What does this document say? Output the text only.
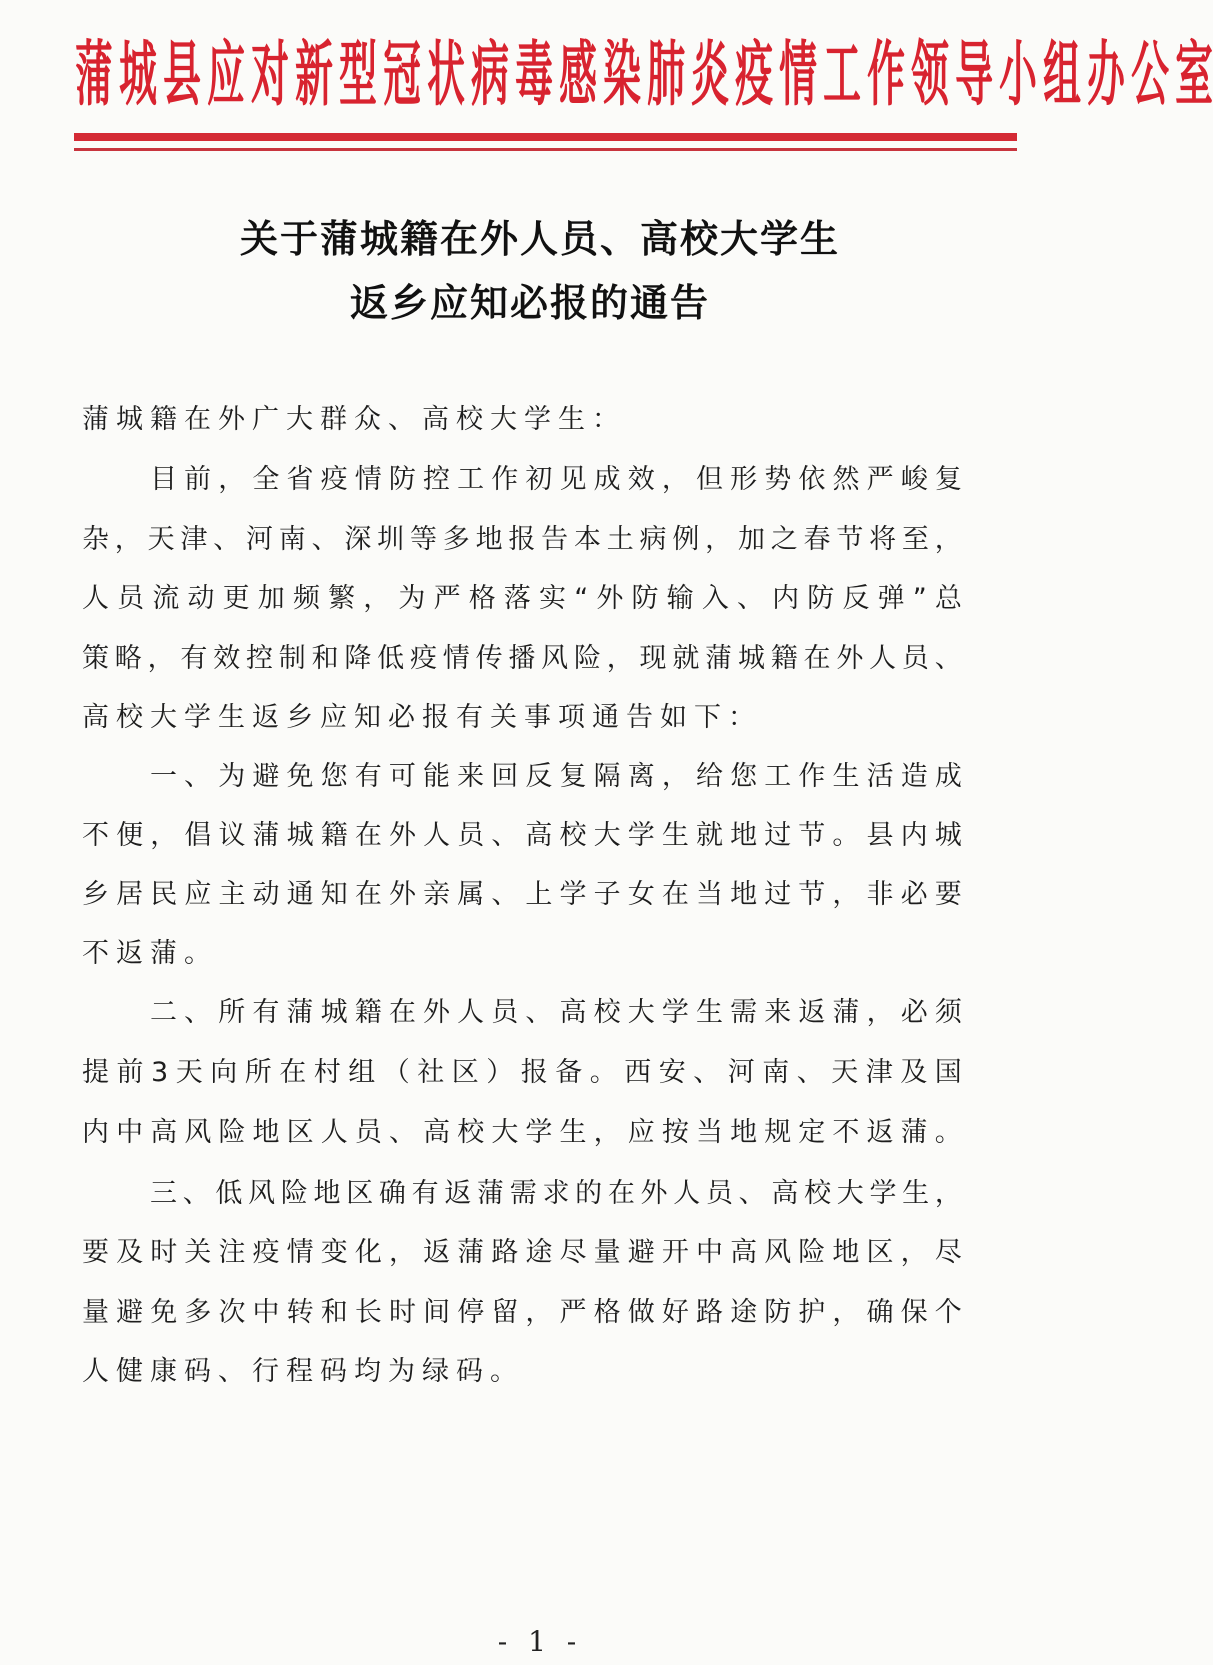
蒲 城 县 应 对 新 型 冠 状 病 毒 感 染 肺 炎 疫 情 工 作 领 导 小 组 办 公 室
关于蒲城籍在外人员、高校大学生
返乡应知必报的通告
蒲城籍在外广大群众、高校大学生：
目 前 ， 全 省 疫 情 防 控 工 作 初 见 成 效 ， 但 形 势 依 然 严 峻 复
杂 ， 天 津 、 河 南 、 深 圳 等 多 地 报 告 本 土 病 例 ， 加 之 春 节 将 至 ，
人 员 流 动 更 加 频 繁 ， 为 严 格 落 实 “ 外 防 输 入 、 内 防 反 弹 ” 总
策 略 ， 有 效 控 制 和 降 低 疫 情 传 播 风 险 ， 现 就 蒲 城 籍 在 外 人 员 、
高校大学生返乡应知必报有关事项通告如下：
一 、 为 避 免 您 有 可 能 来 回 反 复 隔 离 ， 给 您 工 作 生 活 造 成
不 便 ， 倡 议 蒲 城 籍 在 外 人 员 、 高 校 大 学 生 就 地 过 节 。 县 内 城
乡 居 民 应 主 动 通 知 在 外 亲 属 、 上 学 子 女 在 当 地 过 节 ， 非 必 要
不返蒲。
二 、 所 有 蒲 城 籍 在 外 人 员 、 高 校 大 学 生 需 来 返 蒲 ， 必 须
提 前 3 天 向 所 在 村 组 （ 社 区 ） 报 备 。 西 安 、 河 南 、 天 津 及 国
内 中 高 风 险 地 区 人 员 、 高 校 大 学 生 ， 应 按 当 地 规 定 不 返 蒲 。
三 、 低 风 险 地 区 确 有 返 蒲 需 求 的 在 外 人 员 、 高 校 大 学 生 ，
要 及 时 关 注 疫 情 变 化 ， 返 蒲 路 途 尽 量 避 开 中 高 风 险 地 区 ， 尽
量 避 免 多 次 中 转 和 长 时 间 停 留 ， 严 格 做 好 路 途 防 护 ， 确 保 个
人健康码、行程码均为绿码。
- 1 -
